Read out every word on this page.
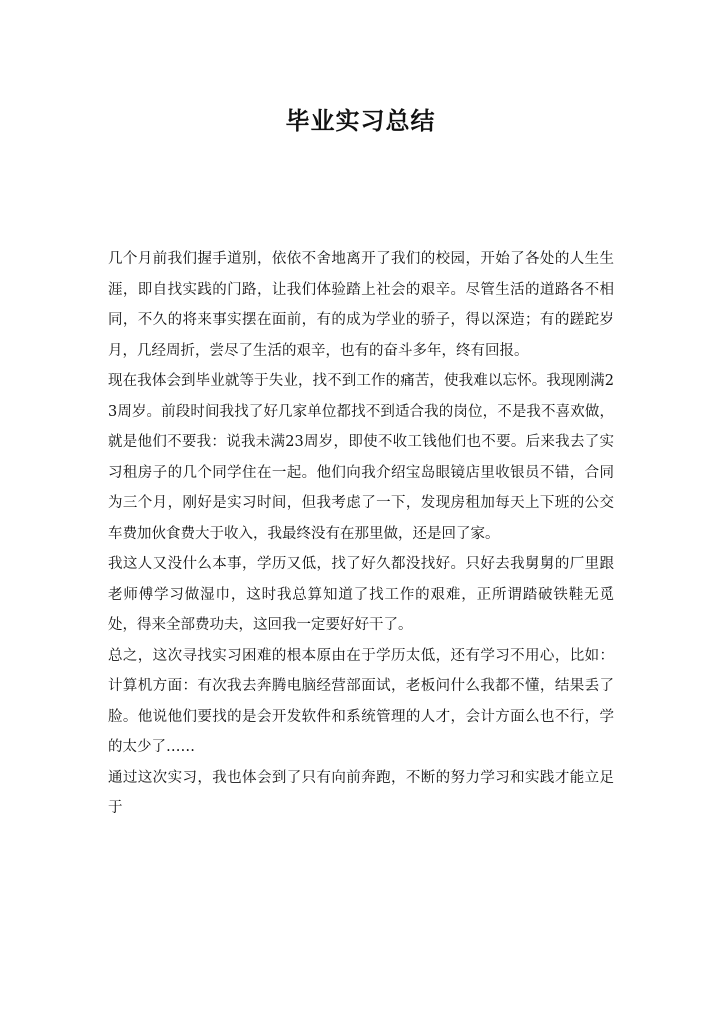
毕业实习总结

几个月前我们握手道别，依依不舍地离开了我们的校园，开始了各处的人生生涯，即自找实践的门路，让我们体验踏上社会的艰辛。尽管生活的道路各不相同，不久的将来事实摆在面前，有的成为学业的骄子，得以深造；有的蹉跎岁月，几经周折，尝尽了生活的艰辛，也有的奋斗多年，终有回报。

现在我体会到毕业就等于失业，找不到工作的痛苦，使我难以忘怀。我现刚满23周岁。前段时间我找了好几家单位都找不到适合我的岗位，不是我不喜欢做，就是他们不要我：说我未满23周岁，即使不收工钱他们也不要。后来我去了实习租房子的几个同学住在一起。他们向我介绍宝岛眼镜店里收银员不错，合同为三个月，刚好是实习时间，但我考虑了一下，发现房租加每天上下班的公交车费加伙食费大于收入，我最终没有在那里做，还是回了家。

我这人又没什么本事，学历又低，找了好久都没找好。只好去我舅舅的厂里跟老师傅学习做湿巾，这时我总算知道了找工作的艰难，正所谓踏破铁鞋无觅处，得来全部费功夫，这回我一定要好好干了。

总之，这次寻找实习困难的根本原由在于学历太低，还有学习不用心，比如：计算机方面：有次我去奔腾电脑经营部面试，老板问什么我都不懂，结果丢了脸。他说他们要找的是会开发软件和系统管理的人才，会计方面么也不行，学的太少了……

通过这次实习，我也体会到了只有向前奔跑，不断的努力学习和实践才能立足于
